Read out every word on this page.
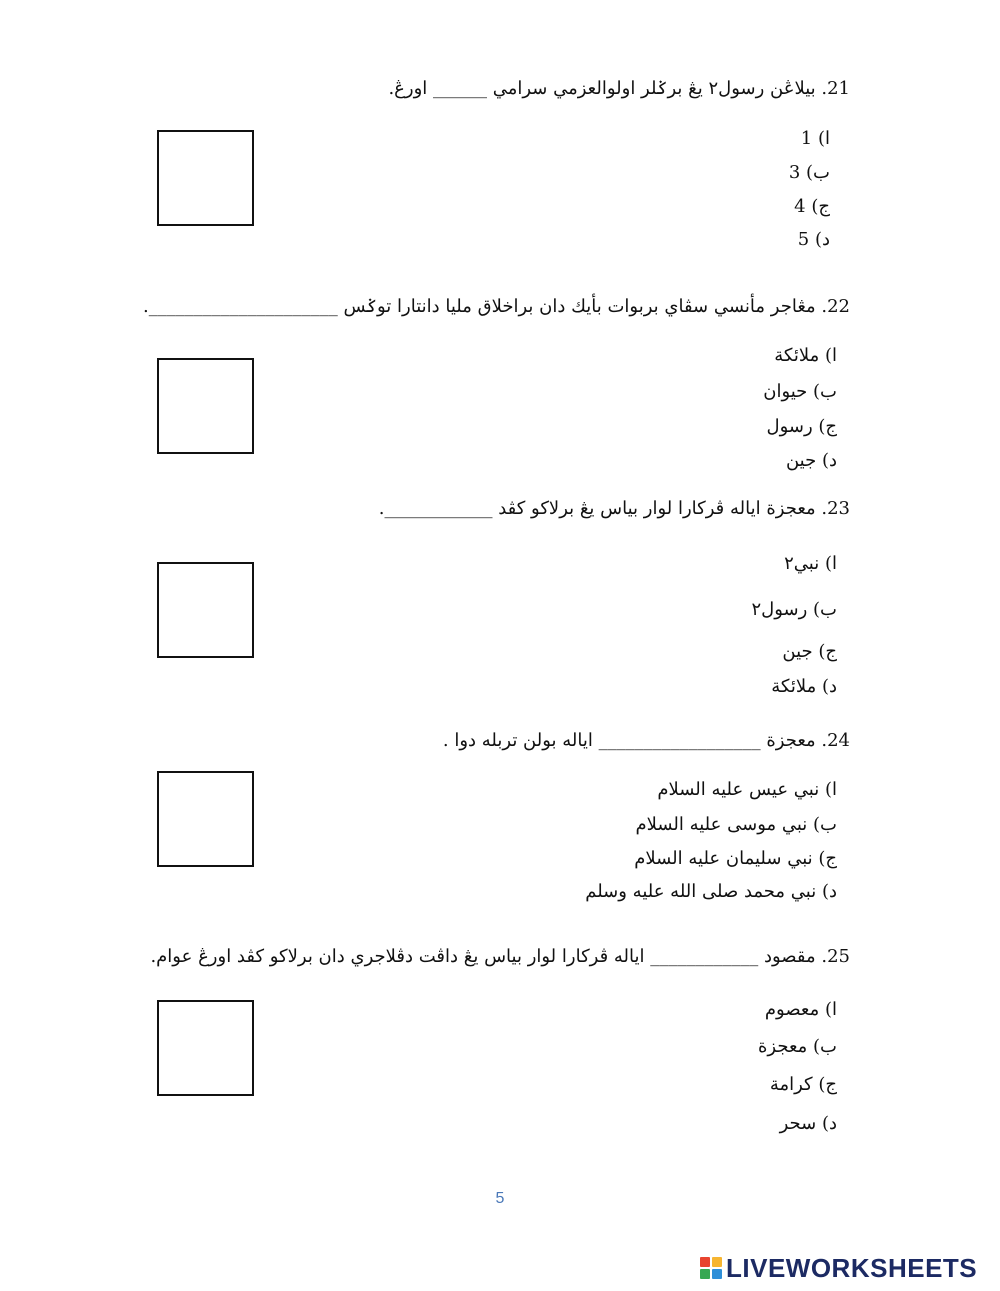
21. بيلاڠن رسول٢ يڠ برݢلر اولوالعزمي سرامي ______ اورڠ.
ا) 1
ب) 3
ج) 4
د) 5
22. مڠاجر مأنسي سڤاي بربوات بأيك دان براخلاق مليا دانتارا توݢس _____________________.
ا) ملائكة
ب) حيوان
ج) رسول
د) جين
23. معجزة اياله ڤركارا لوار بياس يڠ برلاکو کڤد ____________.
ا) نبي٢
ب) رسول٢
ج) جين
د) ملائكة
24. معجزة __________________ اياله بولن تربله دوا .
ا) نبي عيس عليه السلام
ب) نبي موسى عليه السلام
ج) نبي سليمان عليه السلام
د) نبي محمد صلى الله عليه وسلم
25. مقصود ____________ اياله ڤركارا لوار بياس يڠ داڤت دڤلاجري دان برلاکو کڤد اورڠ عوام.
ا) معصوم
ب) معجزة
ج) كرامة
د) سحر
5
LIVEWORKSHEETS
